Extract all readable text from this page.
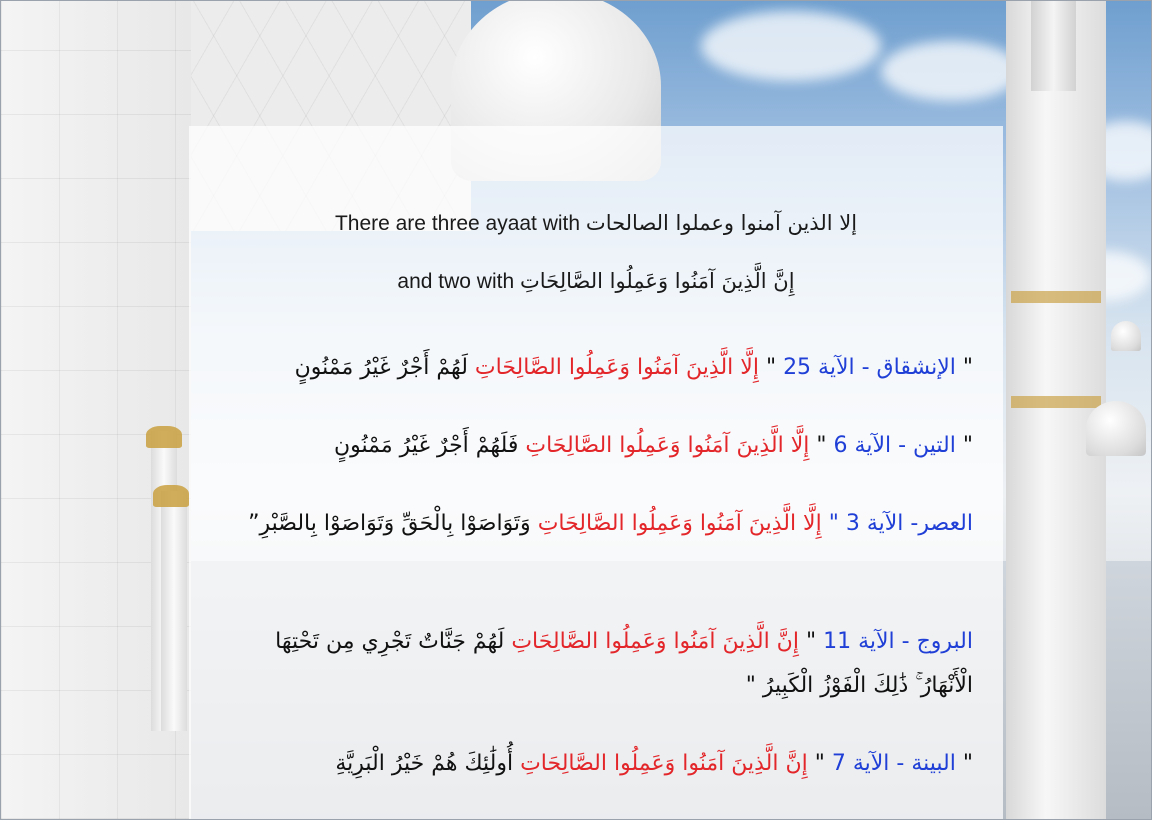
There are three ayaat with إلا الذين آمنوا وعملوا الصالحات
and two with إِنَّ الَّذِينَ آمَنُوا وَعَمِلُوا الصَّالِحَاتِ
" الإنشقاق - الآية 25 " إِلَّا الَّذِينَ آمَنُوا وَعَمِلُوا الصَّالِحَاتِ لَهُمْ أَجْرٌ غَيْرُ مَمْنُونٍ
" التين - الآية 6 " إِلَّا الَّذِينَ آمَنُوا وَعَمِلُوا الصَّالِحَاتِ فَلَهُمْ أَجْرٌ غَيْرُ مَمْنُونٍ
العصر- الآية 3 " إِلَّا الَّذِينَ آمَنُوا وَعَمِلُوا الصَّالِحَاتِ وَتَوَاصَوْا بِالْحَقِّ وَتَوَاصَوْا بِالصَّبْرِ”
البروج - الآية 11 " إِنَّ الَّذِينَ آمَنُوا وَعَمِلُوا الصَّالِحَاتِ لَهُمْ جَنَّاتٌ تَجْرِي مِن تَحْتِهَا الْأَنْهَارُ ۚ ذَٰلِكَ الْفَوْزُ الْكَبِيرُ "
" البينة - الآية 7 " إِنَّ الَّذِينَ آمَنُوا وَعَمِلُوا الصَّالِحَاتِ أُولَٰئِكَ هُمْ خَيْرُ الْبَرِيَّةِ
